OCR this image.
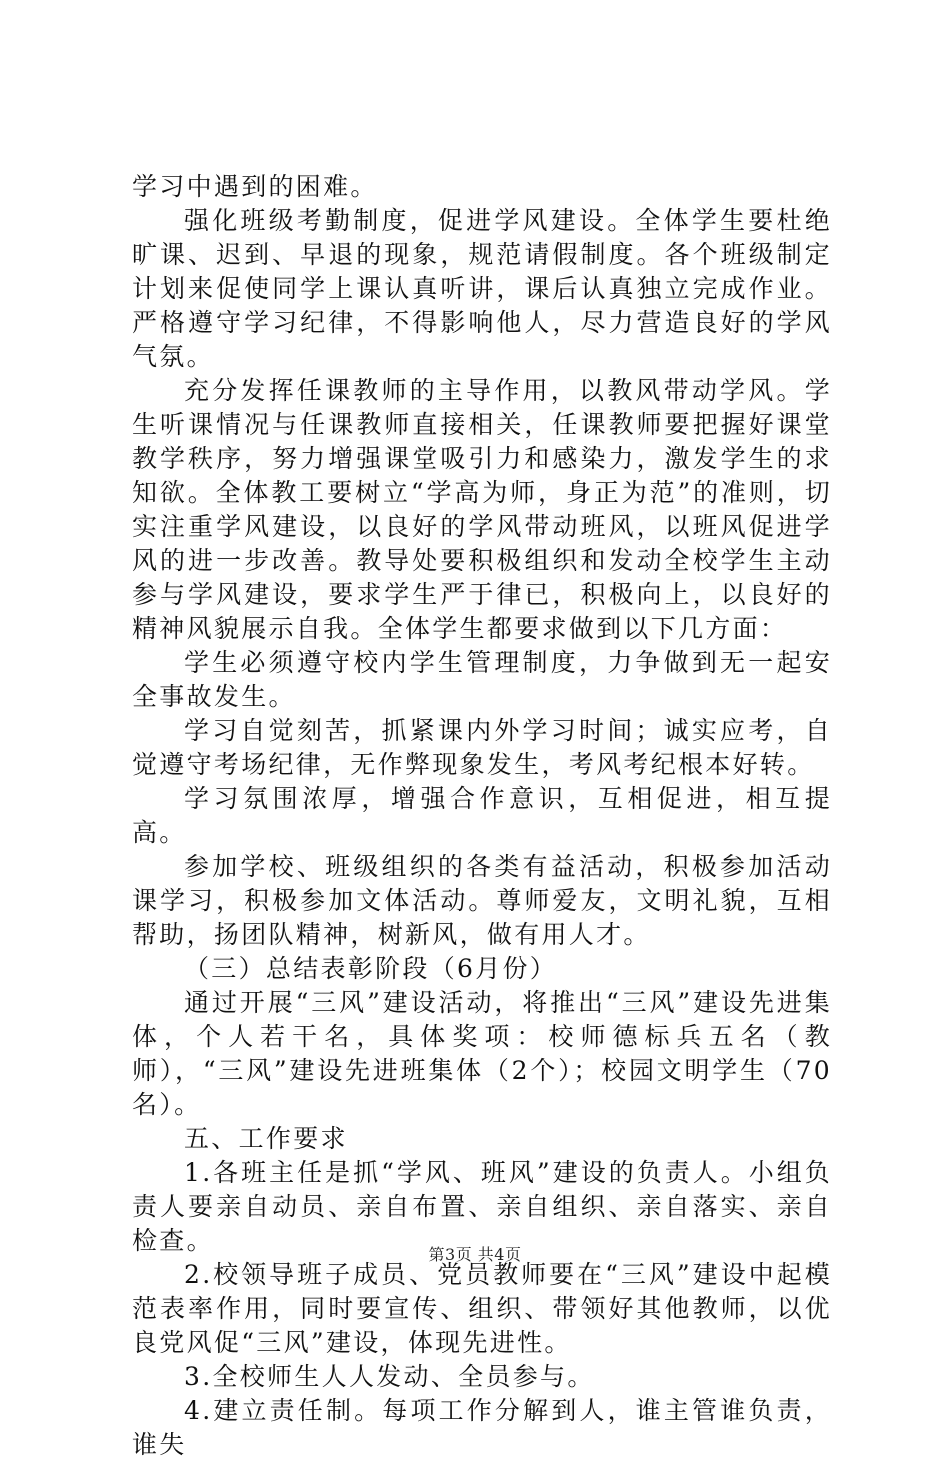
学习中遇到的困难。

强化班级考勤制度，促进学风建设。全体学生要杜绝旷课、迟到、早退的现象，规范请假制度。各个班级制定计划来促使同学上课认真听讲，课后认真独立完成作业。严格遵守学习纪律，不得影响他人，尽力营造良好的学风气氛。

充分发挥任课教师的主导作用，以教风带动学风。学生听课情况与任课教师直接相关，任课教师要把握好课堂教学秩序，努力增强课堂吸引力和感染力，激发学生的求知欲。全体教工要树立“学高为师，身正为范”的准则，切实注重学风建设，以良好的学风带动班风，以班风促进学风的进一步改善。教导处要积极组织和发动全校学生主动参与学风建设，要求学生严于律已，积极向上，以良好的精神风貌展示自我。全体学生都要求做到以下几方面：

学生必须遵守校内学生管理制度，力争做到无一起安全事故发生。

学习自觉刻苦，抓紧课内外学习时间；诚实应考，自觉遵守考场纪律，无作弊现象发生，考风考纪根本好转。

学习氛围浓厚，增强合作意识，互相促进，相互提高。

参加学校、班级组织的各类有益活动，积极参加活动课学习，积极参加文体活动。尊师爱友，文明礼貌，互相帮助，扬团队精神，树新风，做有用人才。

（三）总结表彰阶段（6月份）

通过开展“三风”建设活动，将推出“三风”建设先进集体，个人若干名，具体奖项：校师德标兵五名（教师），“三风”建设先进班集体（2个）；校园文明学生（70名）。

五、工作要求

1.各班主任是抓“学风、班风”建设的负责人。小组负责人要亲自动员、亲自布置、亲自组织、亲自落实、亲自检查。

2.校领导班子成员、党员教师要在“三风”建设中起模范表率作用，同时要宣传、组织、带领好其他教师，以优良党风促“三风”建设，体现先进性。

3.全校师生人人发动、全员参与。

4.建立责任制。每项工作分解到人，谁主管谁负责，谁失

第3页 共4页
